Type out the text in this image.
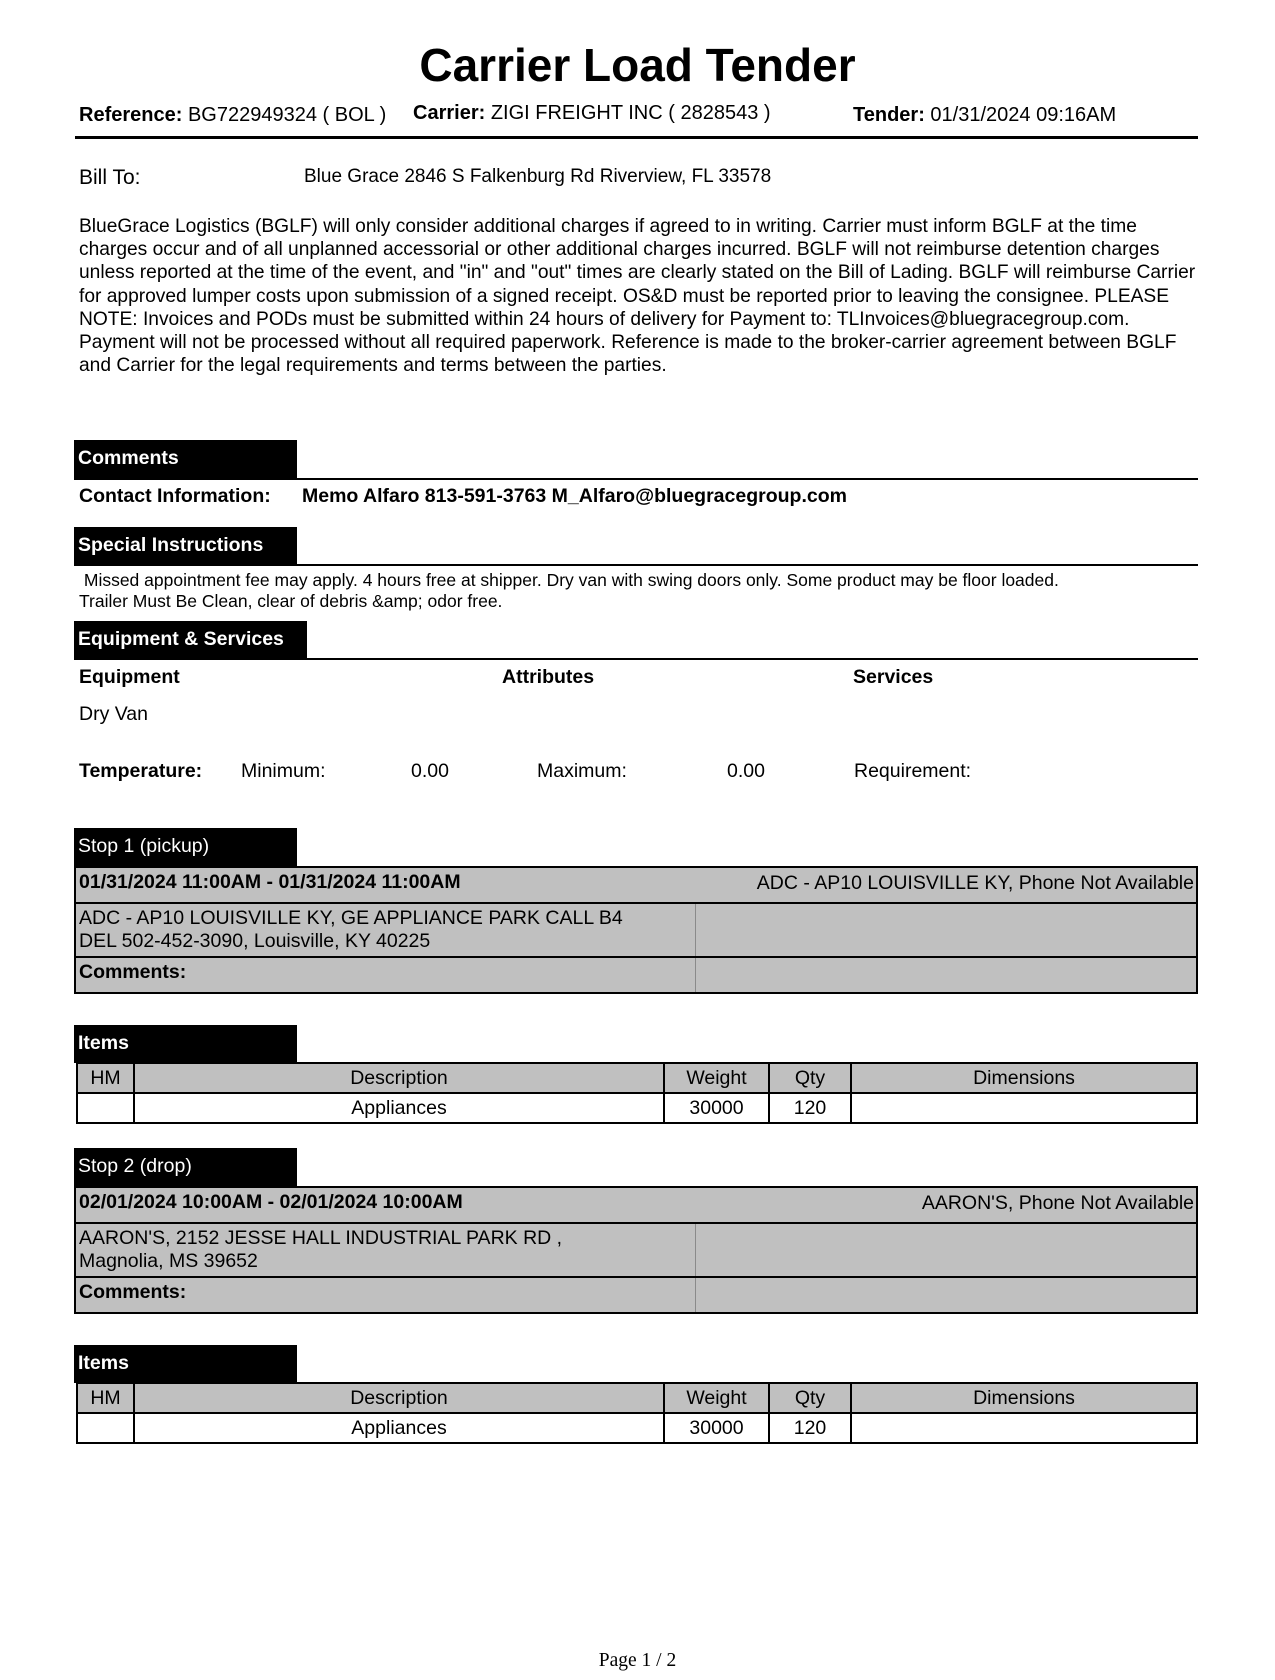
Carrier Load Tender
Reference: BG722949324 ( BOL ) Carrier: ZIGI FREIGHT INC ( 2828543 )	Tender: 01/31/2024 09:16AM
Bill To:	Blue Grace 2846 S Falkenburg Rd Riverview, FL 33578
BlueGrace Logistics (BGLF) will only consider additional charges if agreed to in writing. Carrier must inform BGLF at the time charges occur and of all unplanned accessorial or other additional charges incurred. BGLF will not reimburse detention charges unless reported at the time of the event, and "in" and "out" times are clearly stated on the Bill of Lading. BGLF will reimburse Carrier for approved lumper costs upon submission of a signed receipt. OS&D must be reported prior to leaving the consignee. PLEASE NOTE: Invoices and PODs must be submitted within 24 hours of delivery for Payment to: TLInvoices@bluegracegroup.com. Payment will not be processed without all required paperwork. Reference is made to the broker-carrier agreement between BGLF and Carrier for the legal requirements and terms between the parties.
Comments
Contact Information: Memo Alfaro 813-591-3763 M_Alfaro@bluegracegroup.com
Special Instructions
Missed appointment fee may apply. 4 hours free at shipper. Dry van with swing doors only. Some product may be floor loaded.
Trailer Must Be Clean, clear of debris &amp; odor free.
Equipment & Services
Equipment	Attributes	Services
Dry Van
Temperature: Minimum:	0.00	Maximum:	0.00	Requirement:
Stop 1 (pickup)
01/31/2024 11:00AM - 01/31/2024 11:00AM	ADC - AP10 LOUISVILLE KY, Phone Not Available
ADC - AP10 LOUISVILLE KY, GE APPLIANCE PARK CALL B4
DEL 502-452-3090, Louisville, KY 40225
Comments:
Items
HM	Description	Weight	Qty	Dimensions
	Appliances	30000	120	
Stop 2 (drop)
02/01/2024 10:00AM - 02/01/2024 10:00AM	AARON'S, Phone Not Available
AARON'S, 2152 JESSE HALL INDUSTRIAL PARK RD ,
Magnolia, MS 39652
Comments:
Items
HM	Description	Weight	Qty	Dimensions
	Appliances	30000	120	
Page 1 / 2
